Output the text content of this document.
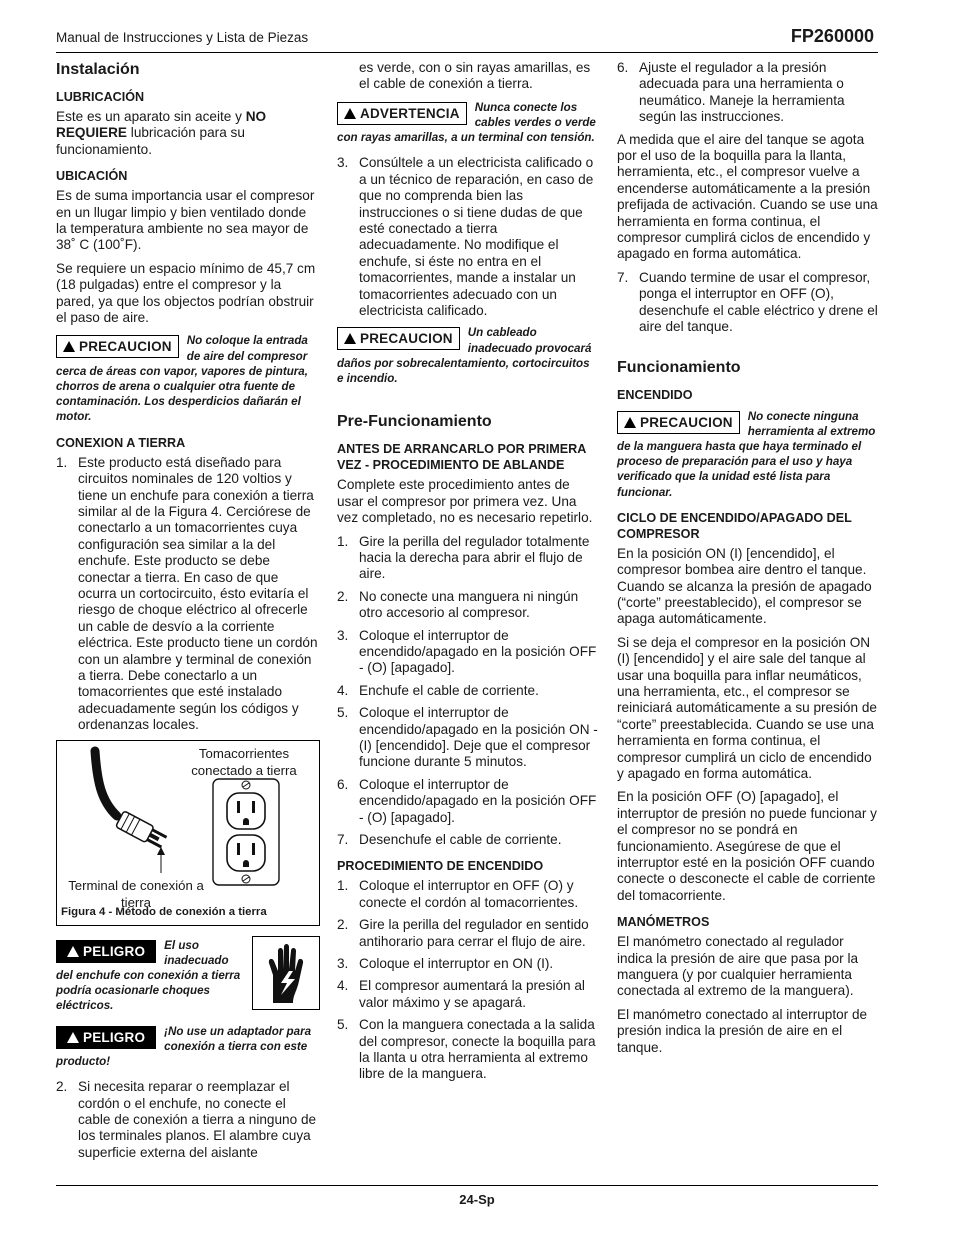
Manual de Instrucciones y Lista de Piezas	FP260000
Instalación
LUBRICACIÓN

Este es un aparato sin aceite y NO REQUIERE lubricación para su funcionamiento.

UBICACIÓN

Es de suma importancia usar el compresor en un llugar limpio y bien ventilado donde la temperatura ambiente no sea mayor de 38˚ C (100˚F).

Se requiere un espacio mínimo de 45,7 cm (18 pulgadas) entre el compresor y la pared, ya que los objectos podrían obstruir el paso de aire.

PRECAUCION	No coloque la entrada de aire del compresor cerca de áreas con vapor, vapores de pintura, chorros de arena o cualquier otra fuente de contaminación. Los desperdicios dañarán el motor.
CONEXION A TIERRA
1. Este producto está diseñado para circuitos nominales de 120 voltios y tiene un enchufe para conexión a tierra similar al de la Figura 4. Cerciórese de conectarlo a un tomacorrientes cuya configuración sea similar a la del enchufe. Este producto se debe conectar a tierra. En caso de que ocurra un cortocircuito, ésto evitaría el riesgo de choque eléctrico al ofrecerle un cable de desvío a la corriente eléctrica. Este producto tiene un cordón con un alambre y terminal de conexión a tierra. Debe conectarlo a un tomacorrientes que esté instalado adecuadamente según los códigos y ordenanzas locales.
Tomacorrientes conectado a tierra
Terminal de conexión a tierra
Figura 4 - Método de conexión a tierra
PELIGRO	El uso inadecuado del enchufe con conexión a tierra podría ocasionarle choques eléctricos.
PELIGRO	¡No use un adaptador para conexión a tierra con este producto!
2. Si necesita reparar o reemplazar el cordón o el enchufe, no conecte el cable de conexión a tierra a ninguno de los terminales planos. El alambre cuya superficie externa del aislante

es verde, con o sin rayas amarillas, es el cable de conexión a tierra.

ADVERTENCIA	Nunca conecte los cables verdes o verde con rayas amarillas, a un terminal con tensión.
3. Consúltele a un electricista calificado o a un técnico de reparación, en caso de que no comprenda bien las instrucciones o si tiene dudas de que esté conectado a tierra adecuadamente. No modifique el enchufe, si éste no entra en el tomacorrientes, mande a instalar un tomacorrientes adecuado con un electricista calificado.
PRECAUCION	Un cableado inadecuado provocará daños por sobrecalentamiento, cortocircuitos e incendio.
Pre-Funcionamiento
ANTES DE ARRANCARLO POR PRIMERA VEZ - PROCEDIMIENTO DE ABLANDE

Complete este procedimiento antes de usar el compresor por primera vez. Una vez completado, no es necesario repetirlo.

1. Gire la perilla del regulador totalmente hacia la derecha para abrir el flujo de aire.
2. No conecte una manguera ni ningún otro accesorio al compresor.
3. Coloque el interruptor de encendido/apagado en la posición OFF - (O) [apagado].
4. Enchufe el cable de corriente.
5. Coloque el interruptor de encendido/apagado en la posición ON - (I) [encendido]. Deje que el compresor funcione durante 5 minutos.
6. Coloque el interruptor de encendido/apagado en la posición OFF - (O) [apagado].
7. Desenchufe el cable de corriente.
PROCEDIMIENTO DE ENCENDIDO
1. Coloque el interruptor en OFF (O) y conecte el cordón al tomacorrientes.
2. Gire la perilla del regulador en sentido antihorario para cerrar el flujo de aire.
3. Coloque el interruptor en ON (I).
4. El compresor aumentará la presión al valor máximo y se apagará.
5. Con la manguera conectada a la salida del compresor, conecte la boquilla para la llanta u otra herramienta al extremo libre de la manguera.
6. Ajuste el regulador a la presión adecuada para una herramienta o neumático. Maneje la herramienta según las instrucciones.

A medida que el aire del tanque se agota por el uso de la boquilla para la llanta, herramienta, etc., el compresor vuelve a encenderse automáticamente a la presión prefijada de activación. Cuando se use una herramienta en forma continua, el compresor cumplirá ciclos de encendido y apagado en forma automática.

7. Cuando termine de usar el compresor, ponga el interruptor en OFF (O), desenchufe el cable eléctrico y drene el aire del tanque.
Funcionamiento
ENCENDIDO
PRECAUCION	No conecte ninguna herramienta al extremo de la manguera hasta que haya terminado el proceso de preparación para el uso y haya verificado que la unidad esté lista para funcionar.
CICLO DE ENCENDIDO/APAGADO DEL COMPRESOR

En la posición ON (I) [encendido], el compresor bombea aire dentro el tanque. Cuando se alcanza la presión de apagado (“corte” preestablecido), el compresor se apaga automáticamente.

Si se deja el compresor en la posición ON (I) [encendido] y el aire sale del tanque al usar una boquilla para inflar neumáticos, una herramienta, etc., el compresor se reiniciará automáticamente a su presión de “corte” preestablecida. Cuando se use una herramienta en forma continua, el compresor cumplirá un ciclo de encendido y apagado en forma automática.

En la posición OFF (O) [apagado], el interruptor de presión no puede funcionar y el compresor no se pondrá en funcionamiento. Asegúrese de que el interruptor esté en la posición OFF cuando conecte o desconecte el cable de corriente del tomacorriente.

MANÓMETROS

El manómetro conectado al regulador indica la presión de aire que pasa por la manguera (y por cualquier herramienta conectada al extremo de la manguera).

El manómetro conectado al interruptor de presión indica la presión de aire en el tanque.

24-Sp
